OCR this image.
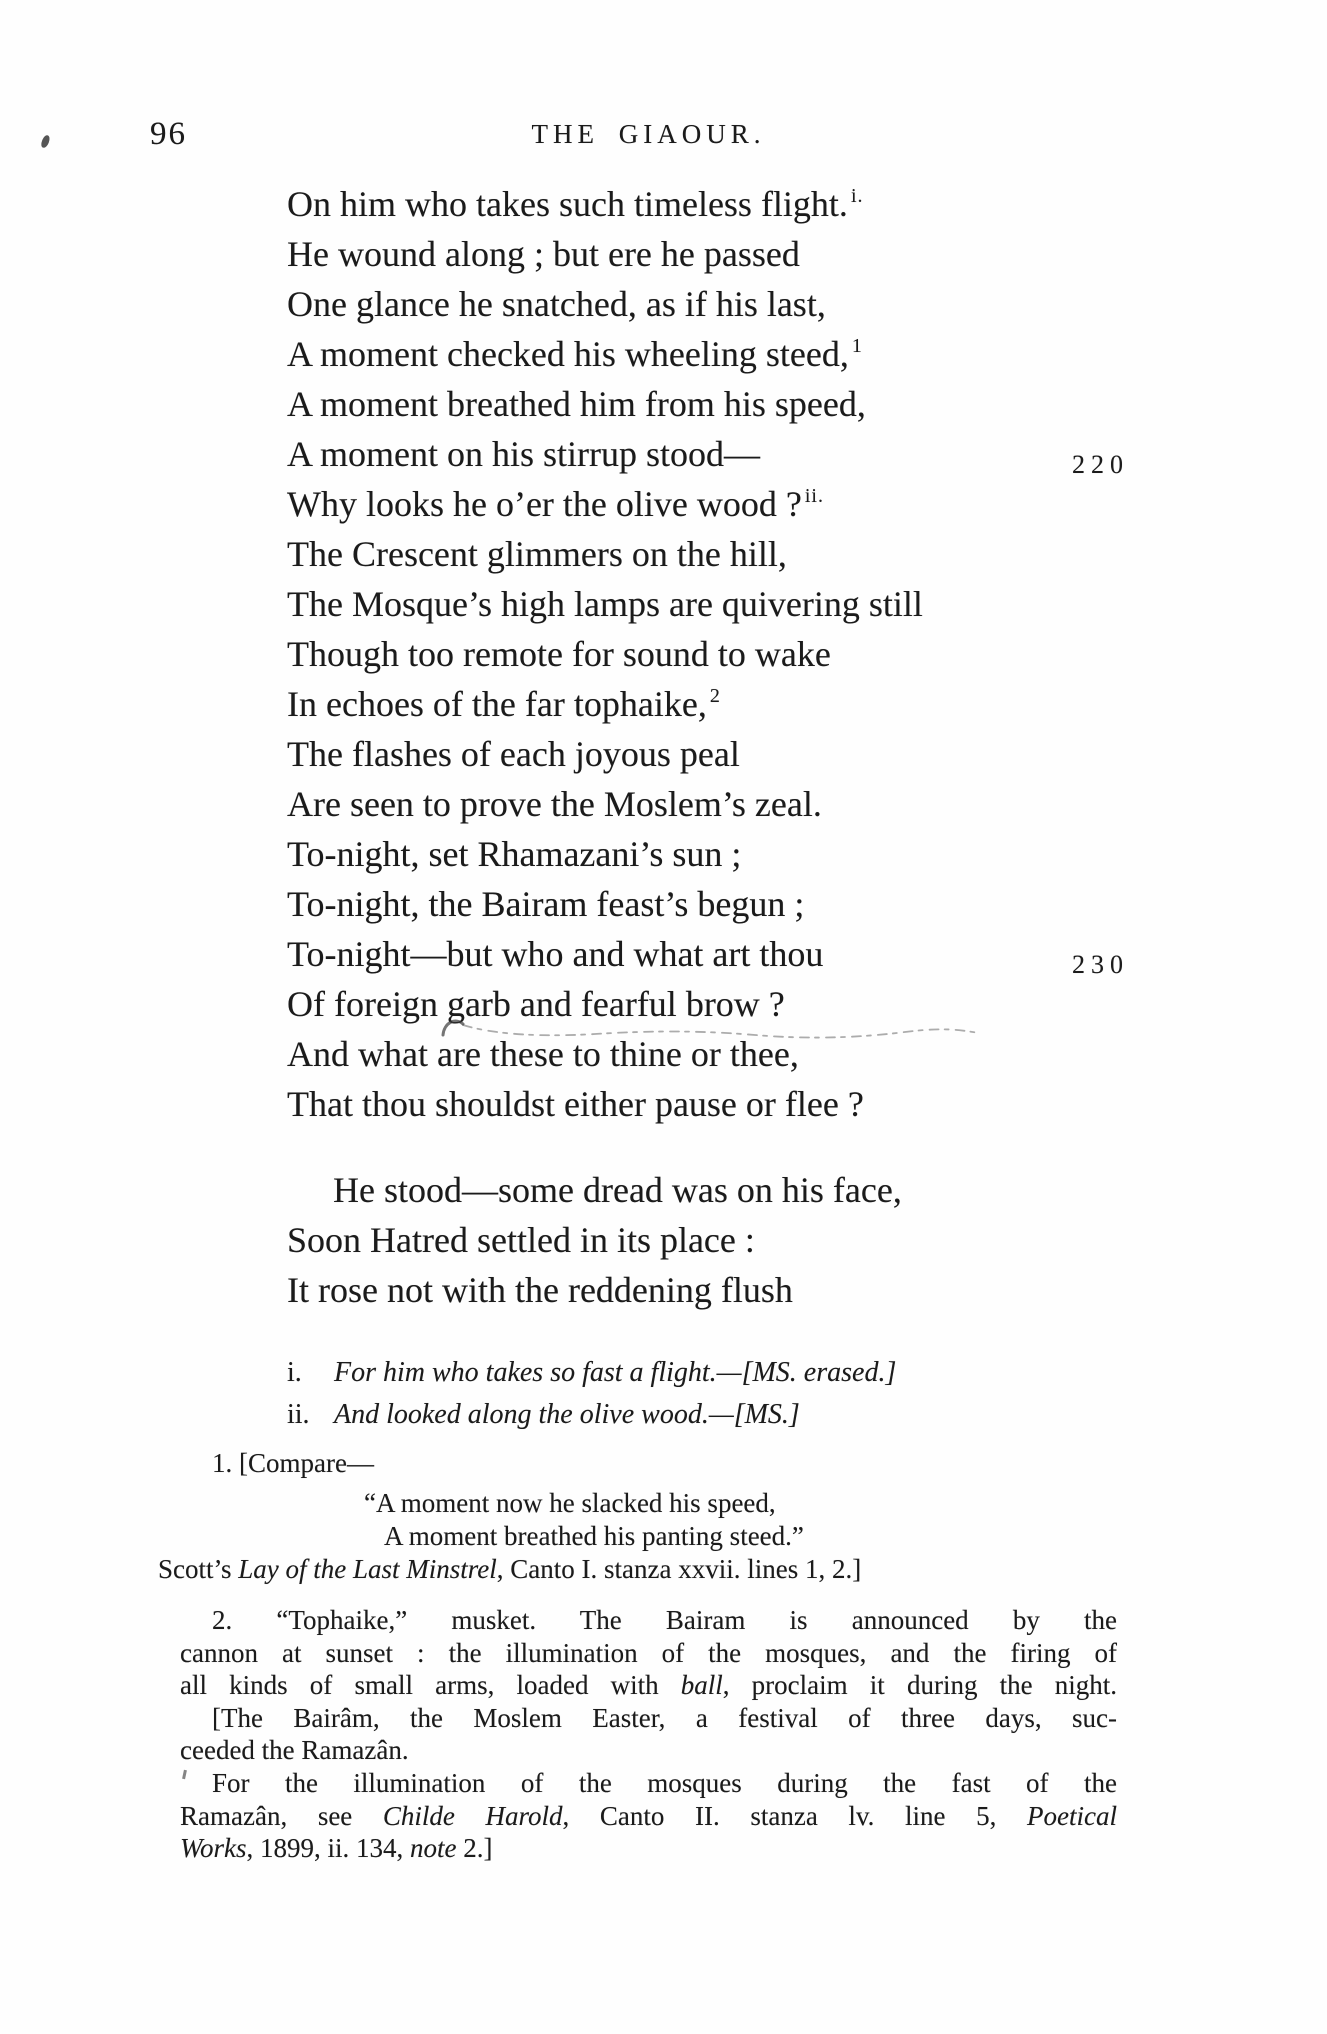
96	THE GIAOUR.
On him who takes such timeless flight. $^{i.}$
He wound along ; but ere he passed
One glance he snatched, as if his last,
A moment checked his wheeling steed, $^1$
A moment breathed him from his speed,
A moment on his stirrup stood—	220
Why looks he o’er the olive wood ? $^{ii.}$
The Crescent glimmers on the hill,
The Mosque’s high lamps are quivering still
Though too remote for sound to wake
In echoes of the far tophaike, $^2$
The flashes of each joyous peal
Are seen to prove the Moslem’s zeal.
To-night, set Rhamazani’s sun ;
To-night, the Bairam feast’s begun ;
To-night—but who and what art thou	230
Of foreign garb and fearful brow ?
And what are these to thine or thee,
That thou shouldst either pause or flee ?
He stood—some dread was on his face,
Soon Hatred settled in its place :
It rose not with the reddening flush
i. For him who takes so fast a flight.—[MS. erased.]
ii. And looked along the olive wood.—[MS.]
1. [Compare—
“A moment now he slacked his speed,
A moment breathed his panting steed.”
Scott’s Lay of the Last Minstrel, Canto I. stanza xxvii. lines 1, 2.]
2. “Tophaike,” musket. The Bairam is announced by the
cannon at sunset : the illumination of the mosques, and the firing of
all kinds of small arms, loaded with ball, proclaim it during the night.
[The Bairâm, the Moslem Easter, a festival of three days, suc-
ceeded the Ramazân.
For the illumination of the mosques during the fast of the
Ramazân, see Childe Harold, Canto II. stanza lv. line 5, Poetical
Works, 1899, ii. 134, note 2.]
